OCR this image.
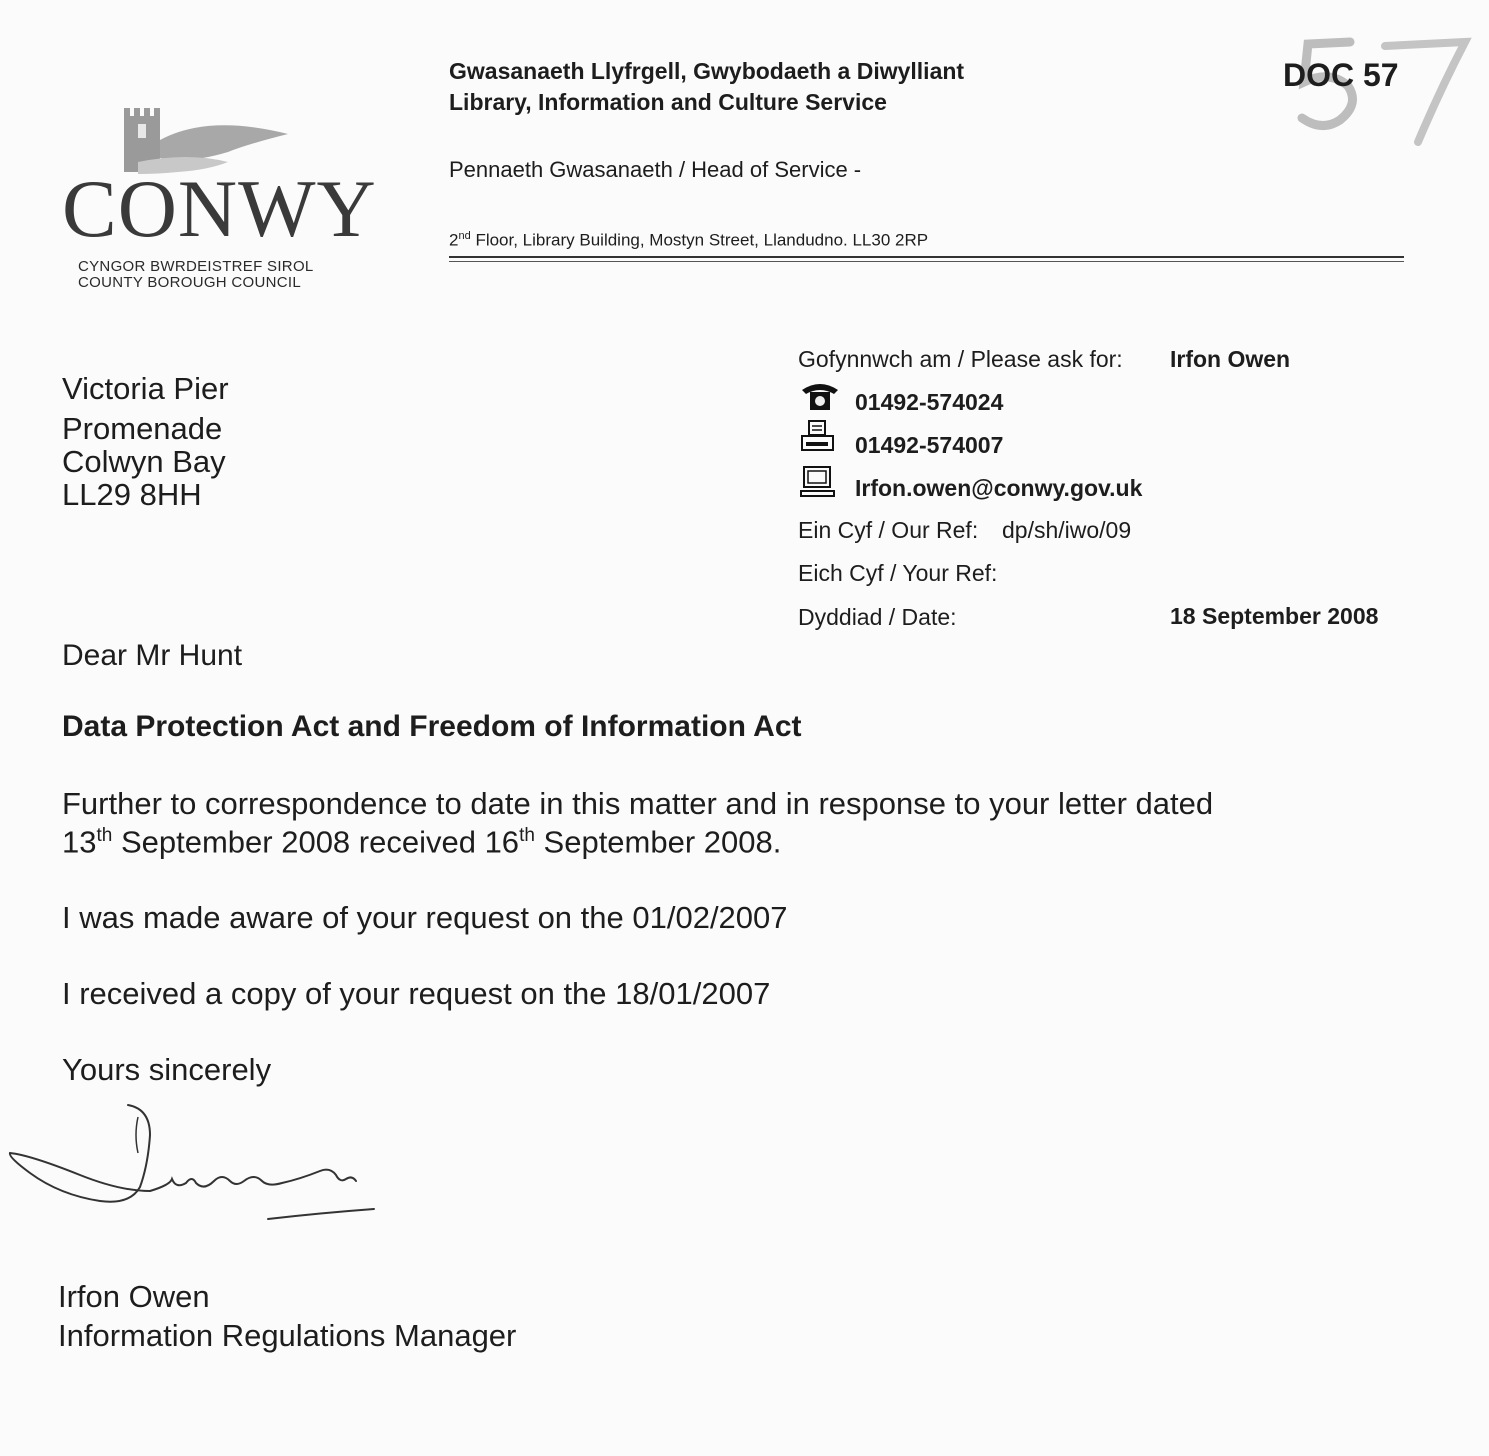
DOC 57
CONWY
CYNGOR BWRDEISTREF SIROL
COUNTY BOROUGH COUNCIL
Gwasanaeth Llyfrgell, Gwybodaeth a Diwylliant
Library, Information and Culture Service
Pennaeth Gwasanaeth / Head of Service -
2nd Floor, Library Building, Mostyn Street, Llandudno. LL30 2RP
Gofynnwch am / Please ask for: Irfon Owen
01492-574024
01492-574007
Irfon.owen@conwy.gov.uk
Ein Cyf / Our Ref: dp/sh/iwo/09
Eich Cyf / Your Ref:
Dyddiad / Date:	18 September 2008
Victoria Pier
Promenade
Colwyn Bay
LL29 8HH
Dear Mr Hunt
Data Protection Act and Freedom of Information Act
Further to correspondence to date in this matter and in response to your letter dated
13th September 2008 received 16th September 2008.
I was made aware of your request on the 01/02/2007
I received a copy of your request on the 18/01/2007
Yours sincerely
Irfon Owen
Information Regulations Manager
